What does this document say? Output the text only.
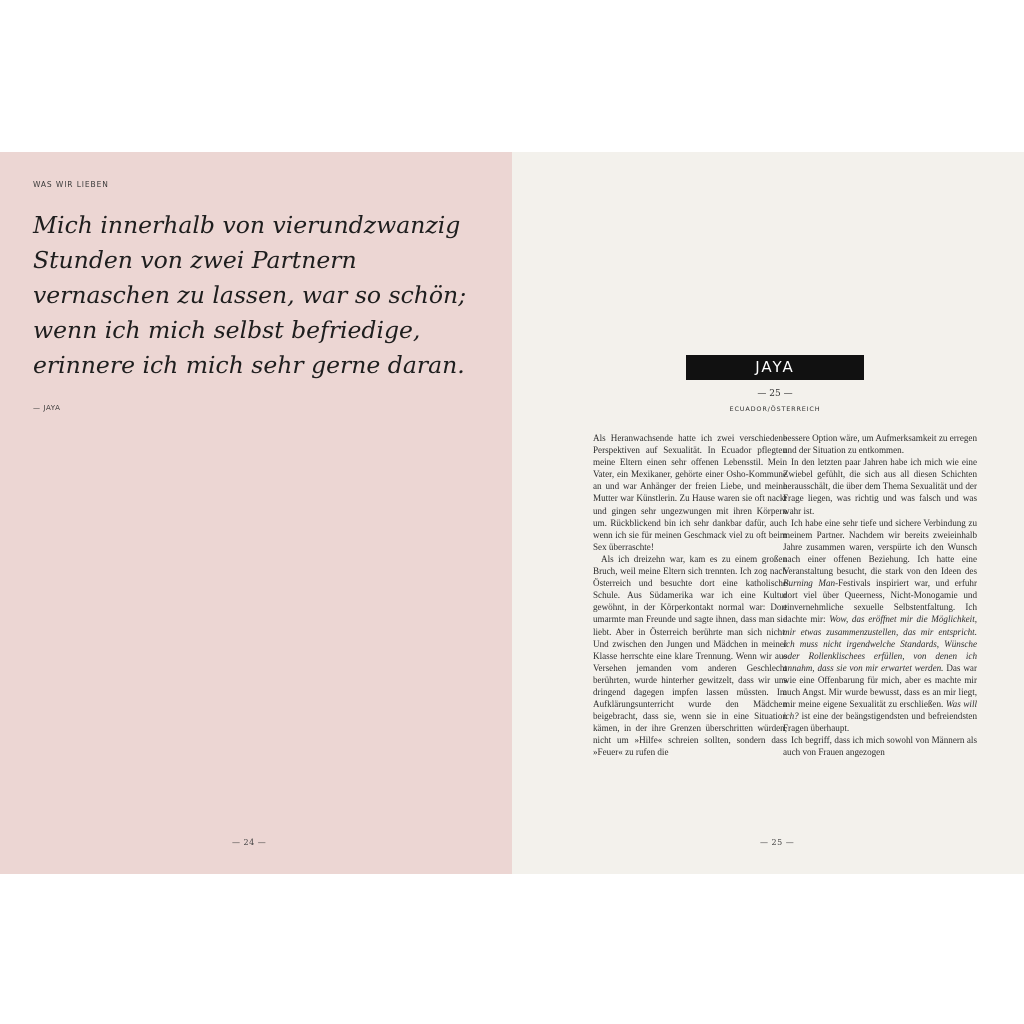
WAS WIR LIEBEN

Mich innerhalb von vierundzwanzig
Stunden von zwei Partnern
vernaschen zu lassen, war so schön;
wenn ich mich selbst befriedige,
erinnere ich mich sehr gerne daran.

— JAYA
— 24 —
JAYA
— 25 —
ECUADOR/ÖSTERREICH

Als Heranwachsende hatte ich zwei verschiedene Perspektiven auf Sexualität. In Ecuador pflegten meine Eltern einen sehr offenen Lebensstil. Mein Vater, ein Mexikaner, gehörte einer Osho-Kommune an und war Anhänger der freien Liebe, und meine Mutter war Künstlerin. Zu Hause waren sie oft nackt und gingen sehr ungezwungen mit ihren Körpern um. Rückblickend bin ich sehr dankbar dafür, auch wenn ich sie für meinen Geschmack viel zu oft beim Sex überraschte!

Als ich dreizehn war, kam es zu einem großen Bruch, weil meine Eltern sich trennten. Ich zog nach Österreich und besuchte dort eine katholische Schule. Aus Südamerika war ich eine Kultur gewöhnt, in der Körperkontakt normal war: Dort umarmte man Freunde und sagte ihnen, dass man sie liebt. Aber in Österreich berührte man sich nicht. Und zwischen den Jungen und Mädchen in meiner Klasse herrschte eine klare Trennung. Wenn wir aus Versehen jemanden vom anderen Geschlecht berührten, wurde hinterher gewitzelt, dass wir uns dringend dagegen impfen lassen müssten. Im Aufklärungsunterricht wurde den Mädchen beigebracht, dass sie, wenn sie in eine Situation kämen, in der ihre Grenzen überschritten würden, nicht um »Hilfe« schreien sollten, sondern dass »Feuer« zu rufen die

bessere Option wäre, um Aufmerksamkeit zu erregen und der Situation zu entkommen.

In den letzten paar Jahren habe ich mich wie eine Zwiebel gefühlt, die sich aus all diesen Schichten herausschält, die über dem Thema Sexualität und der Frage liegen, was richtig und was falsch und was wahr ist.

Ich habe eine sehr tiefe und sichere Verbindung zu meinem Partner. Nachdem wir bereits zweieinhalb Jahre zusammen waren, verspürte ich den Wunsch nach einer offenen Beziehung. Ich hatte eine Veranstaltung besucht, die stark von den Ideen des Burning Man-Festivals inspiriert war, und erfuhr dort viel über Queerness, Nicht-Monogamie und einvernehmliche sexuelle Selbstentfaltung. Ich dachte mir: Wow, das eröffnet mir die Möglichkeit, mir etwas zusammenzustellen, das mir entspricht. Ich muss nicht irgendwelche Standards, Wünsche oder Rollenklischees erfüllen, von denen ich annahm, dass sie von mir erwartet werden. Das war wie eine Offenbarung für mich, aber es machte mir auch Angst. Mir wurde bewusst, dass es an mir liegt, mir meine eigene Sexualität zu erschließen. Was will ich? ist eine der beängstigendsten und befreiendsten Fragen überhaupt.

Ich begriff, dass ich mich sowohl von Männern als auch von Frauen angezogen

— 25 —
